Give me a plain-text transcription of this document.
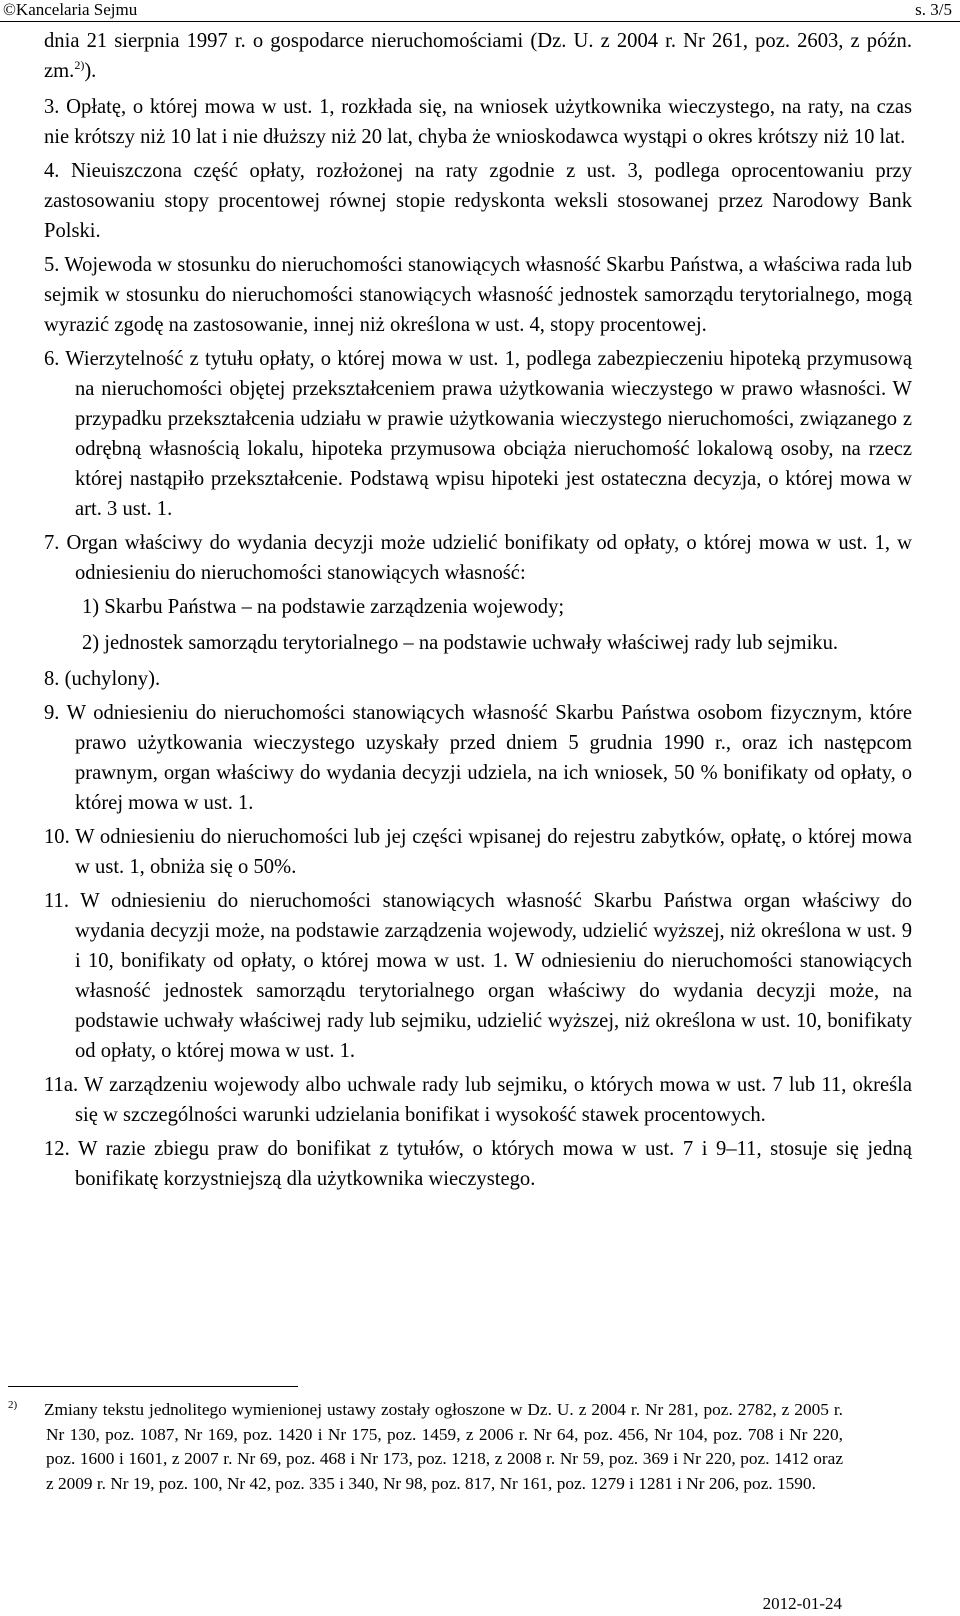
©Kancelaria Sejmu	s. 3/5

dnia 21 sierpnia 1997 r. o gospodarce nieruchomościami (Dz. U. z 2004 r. Nr 261, poz. 2603, z późn. zm.$^{2)}$).

3. Opłatę, o której mowa w ust. 1, rozkłada się, na wniosek użytkownika wieczystego, na raty, na czas nie krótszy niż 10 lat i nie dłuższy niż 20 lat, chyba że wnioskodawca wystąpi o okres krótszy niż 10 lat.

4. Nieuiszczona część opłaty, rozłożonej na raty zgodnie z ust. 3, podlega oprocentowaniu przy zastosowaniu stopy procentowej równej stopie redyskonta weksli stosowanej przez Narodowy Bank Polski.

5. Wojewoda w stosunku do nieruchomości stanowiących własność Skarbu Państwa, a właściwa rada lub sejmik w stosunku do nieruchomości stanowiących własność jednostek samorządu terytorialnego, mogą wyrazić zgodę na zastosowanie, innej niż określona w ust. 4, stopy procentowej.

6. Wierzytelność z tytułu opłaty, o której mowa w ust. 1, podlega zabezpieczeniu hipoteką przymusową na nieruchomości objętej przekształceniem prawa użytkowania wieczystego w prawo własności. W przypadku przekształcenia udziału w prawie użytkowania wieczystego nieruchomości, związanego z odrębną własnością lokalu, hipoteka przymusowa obciąża nieruchomość lokalową osoby, na rzecz której nastąpiło przekształcenie. Podstawą wpisu hipoteki jest ostateczna decyzja, o której mowa w art. 3 ust. 1.

7. Organ właściwy do wydania decyzji może udzielić bonifikaty od opłaty, o której mowa w ust. 1, w odniesieniu do nieruchomości stanowiących własność:

1) Skarbu Państwa – na podstawie zarządzenia wojewody;

2) jednostek samorządu terytorialnego – na podstawie uchwały właściwej rady lub sejmiku.

8. (uchylony).

9. W odniesieniu do nieruchomości stanowiących własność Skarbu Państwa osobom fizycznym, które prawo użytkowania wieczystego uzyskały przed dniem 5 grudnia 1990 r., oraz ich następcom prawnym, organ właściwy do wydania decyzji udziela, na ich wniosek, 50 % bonifikaty od opłaty, o której mowa w ust. 1.

10. W odniesieniu do nieruchomości lub jej części wpisanej do rejestru zabytków, opłatę, o której mowa w ust. 1, obniża się o 50%.

11. W odniesieniu do nieruchomości stanowiących własność Skarbu Państwa organ właściwy do wydania decyzji może, na podstawie zarządzenia wojewody, udzielić wyższej, niż określona w ust. 9 i 10, bonifikaty od opłaty, o której mowa w ust. 1. W odniesieniu do nieruchomości stanowiących własność jednostek samorządu terytorialnego organ właściwy do wydania decyzji może, na podstawie uchwały właściwej rady lub sejmiku, udzielić wyższej, niż określona w ust. 10, bonifikaty od opłaty, o której mowa w ust. 1.

11a. W zarządzeniu wojewody albo uchwale rady lub sejmiku, o których mowa w ust. 7 lub 11, określa się w szczególności warunki udzielania bonifikat i wysokość stawek procentowych.

12. W razie zbiegu praw do bonifikat z tytułów, o których mowa w ust. 7 i 9–11, stosuje się jedną bonifikatę korzystniejszą dla użytkownika wieczystego.

$^{2)}$ Zmiany tekstu jednolitego wymienionej ustawy zostały ogłoszone w Dz. U. z 2004 r. Nr 281, poz. 2782, z 2005 r. Nr 130, poz. 1087, Nr 169, poz. 1420 i Nr 175, poz. 1459, z 2006 r. Nr 64, poz. 456, Nr 104, poz. 708 i Nr 220, poz. 1600 i 1601, z 2007 r. Nr 69, poz. 468 i Nr 173, poz. 1218, z 2008 r. Nr 59, poz. 369 i Nr 220, poz. 1412 oraz z 2009 r. Nr 19, poz. 100, Nr 42, poz. 335 i 340, Nr 98, poz. 817, Nr 161, poz. 1279 i 1281 i Nr 206, poz. 1590.
2012-01-24
